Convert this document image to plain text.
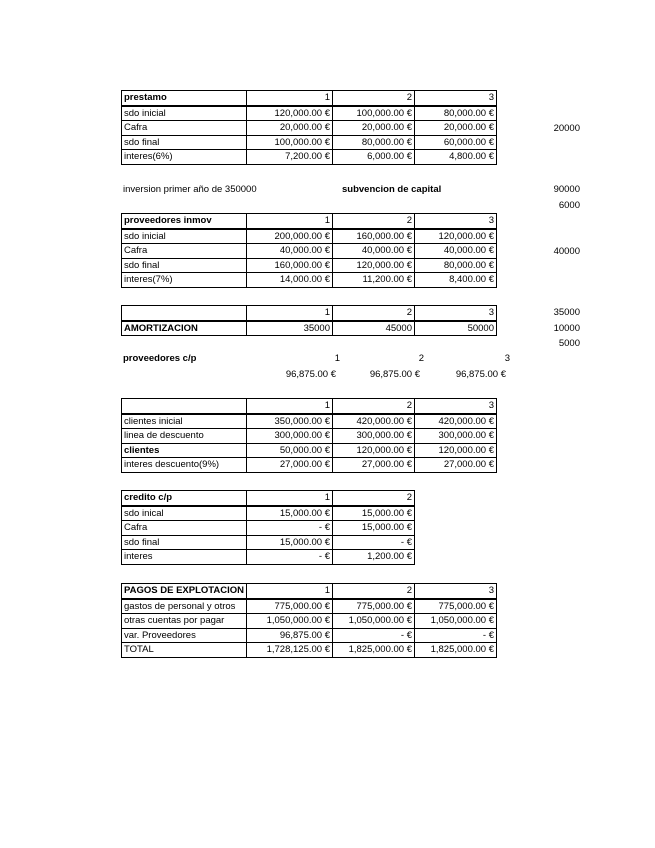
prestamo	1	2	3
sdo inicial	120,000.00 €	100,000.00 €	80,000.00 €
Cafra	20,000.00 €	20,000.00 €	20,000.00 €
sdo final	100,000.00 €	80,000.00 €	60,000.00 €
interes(6%)	7,200.00 €	6,000.00 €	4,800.00 €
20000
inversion primer año de 350000	subvencion de capital	90000
6000
proveedores inmov	1	2	3
sdo inicial	200,000.00 €	160,000.00 €	120,000.00 €
Cafra	40,000.00 €	40,000.00 €	40,000.00 €
sdo final	160,000.00 €	120,000.00 €	80,000.00 €
interes(7%)	14,000.00 €	11,200.00 €	8,400.00 €
40000
	1	2	3
AMORTIZACION	35000	45000	50000
35000
10000
5000
proveedores c/p	1	2	3
96,875.00 €	96,875.00 €	96,875.00 €
	1	2	3
clientes inicial	350,000.00 €	420,000.00 €	420,000.00 €
linea de descuento	300,000.00 €	300,000.00 €	300,000.00 €
clientes	50,000.00 €	120,000.00 €	120,000.00 €
interes descuento(9%)	27,000.00 €	27,000.00 €	27,000.00 €
credito c/p	1	2
sdo inical	15,000.00 €	15,000.00 €
Cafra	- €	15,000.00 €
sdo final	15,000.00 €	- €
interes	- €	1,200.00 €
PAGOS DE EXPLOTACION	1	2	3
gastos de personal y otros	775,000.00 €	775,000.00 €	775,000.00 €
otras cuentas por pagar	1,050,000.00 €	1,050,000.00 €	1,050,000.00 €
var. Proveedores	96,875.00 €	- €	- €
TOTAL	1,728,125.00 €	1,825,000.00 €	1,825,000.00 €
